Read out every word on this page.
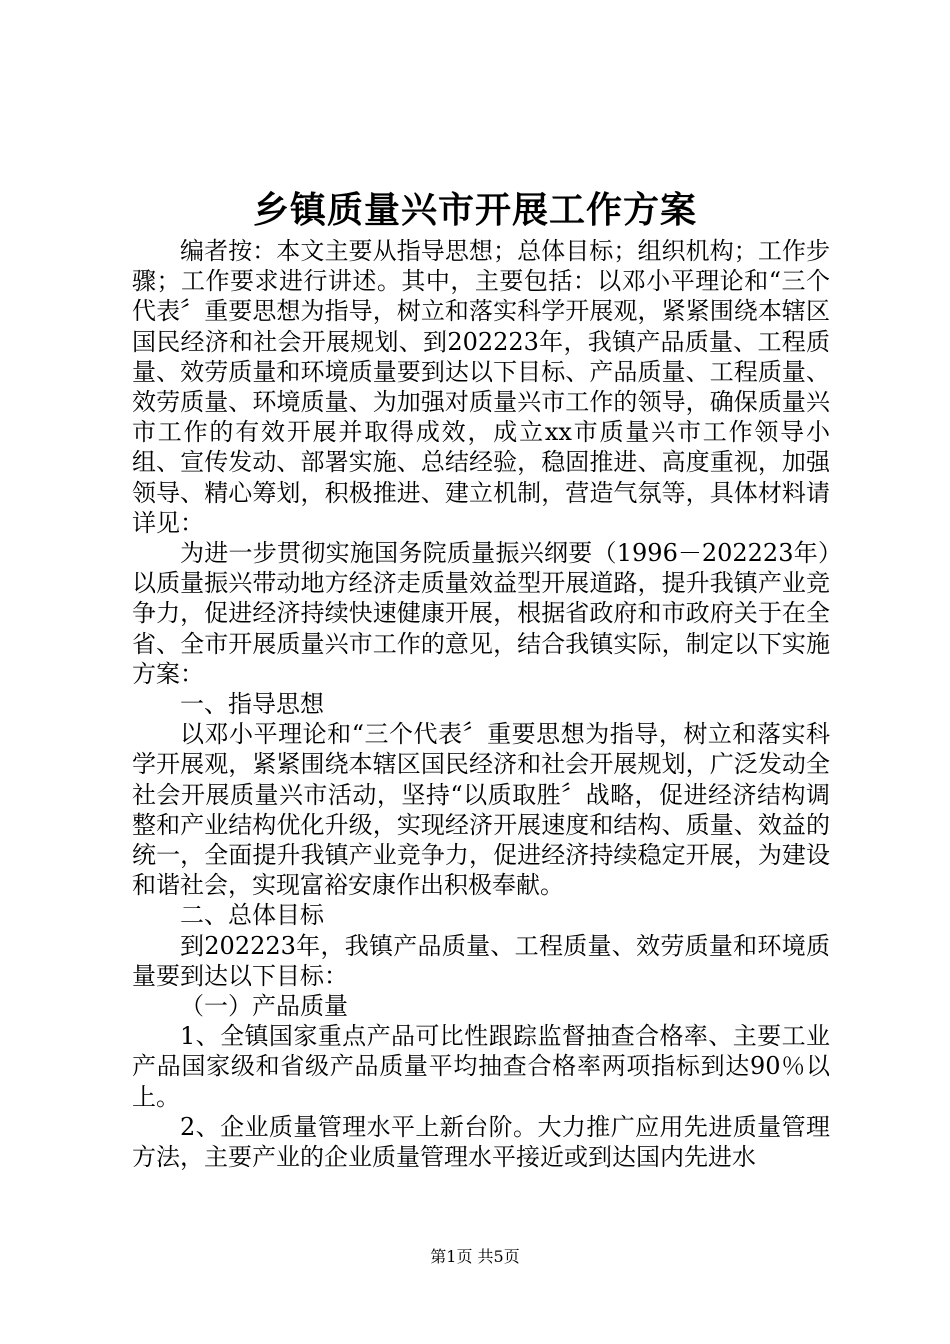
乡镇质量兴市开展工作方案

编者按：本文主要从指导思想；总体目标；组织机构；工作步骤；工作要求进行讲述。其中，主要包括：以邓小平理论和“三个代表〞重要思想为指导，树立和落实科学开展观，紧紧围绕本辖区国民经济和社会开展规划、到202223年，我镇产品质量、工程质量、效劳质量和环境质量要到达以下目标、产品质量、工程质量、效劳质量、环境质量、为加强对质量兴市工作的领导，确保质量兴市工作的有效开展并取得成效，成立xx市质量兴市工作领导小组、宣传发动、部署实施、总结经验，稳固推进、高度重视，加强领导、精心筹划，积极推进、建立机制，营造气氛等，具体材料请详见：

为进一步贯彻实施国务院质量振兴纲要（1996－202223年）以质量振兴带动地方经济走质量效益型开展道路，提升我镇产业竞争力，促进经济持续快速健康开展，根据省政府和市政府关于在全省、全市开展质量兴市工作的意见，结合我镇实际，制定以下实施方案：

一、指导思想

以邓小平理论和“三个代表〞重要思想为指导，树立和落实科学开展观，紧紧围绕本辖区国民经济和社会开展规划，广泛发动全社会开展质量兴市活动，坚持“以质取胜〞战略，促进经济结构调整和产业结构优化升级，实现经济开展速度和结构、质量、效益的统一，全面提升我镇产业竞争力，促进经济持续稳定开展，为建设和谐社会，实现富裕安康作出积极奉献。

二、总体目标

到202223年，我镇产品质量、工程质量、效劳质量和环境质量要到达以下目标：

（一）产品质量

1、全镇国家重点产品可比性跟踪监督抽查合格率、主要工业产品国家级和省级产品质量平均抽查合格率两项指标到达90％以上。

2、企业质量管理水平上新台阶。大力推广应用先进质量管理方法，主要产业的企业质量管理水平接近或到达国内先进水

第1页 共5页
